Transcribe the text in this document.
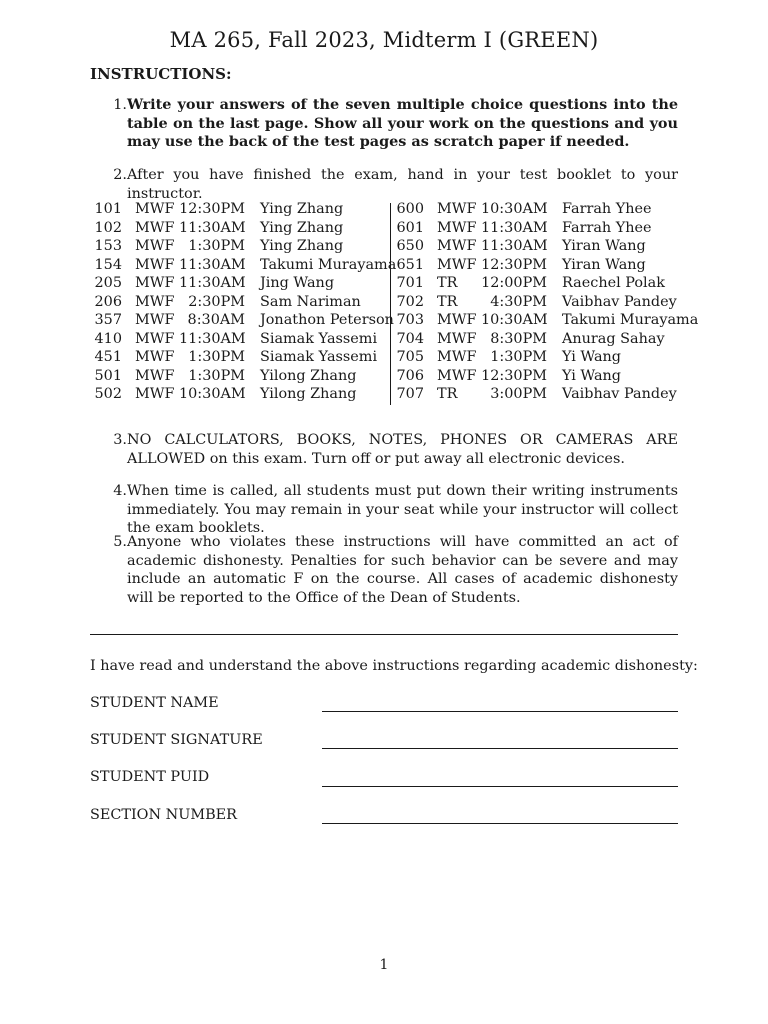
MA 265, Fall 2023, Midterm I (GREEN)
INSTRUCTIONS:
1. Write your answers of the seven multiple choice questions into the table on the last page. Show all your work on the questions and you may use the back of the test pages as scratch paper if needed.
2. After you have finished the exam, hand in your test booklet to your instructor.
101 MWF 12:30PM Ying Zhang
102 MWF 11:30AM Ying Zhang
153 MWF 1:30PM Ying Zhang
154 MWF 11:30AM Takumi Murayama
205 MWF 11:30AM Jing Wang
206 MWF 2:30PM Sam Nariman
357 MWF 8:30AM Jonathon Peterson
410 MWF 11:30AM Siamak Yassemi
451 MWF 1:30PM Siamak Yassemi
501 MWF 1:30PM Yilong Zhang
502 MWF 10:30AM Yilong Zhang
600 MWF 10:30AM Farrah Yhee
601 MWF 11:30AM Farrah Yhee
650 MWF 11:30AM Yiran Wang
651 MWF 12:30PM Yiran Wang
701 TR	12:00PM Raechel Polak
702 TR	4:30PM Vaibhav Pandey
703 MWF 10:30AM Takumi Murayama
704 MWF 8:30PM Anurag Sahay
705 MWF 1:30PM Yi Wang
706 MWF 12:30PM Yi Wang
707 TR	3:00PM Vaibhav Pandey
3. NO CALCULATORS, BOOKS, NOTES, PHONES OR CAMERAS ARE ALLOWED on this exam. Turn off or put away all electronic devices.
4. When time is called, all students must put down their writing instruments immediately. You may remain in your seat while your instructor will collect the exam booklets.
5. Anyone who violates these instructions will have committed an act of academic dishonesty. Penalties for such behavior can be severe and may include an automatic F on the course. All cases of academic dishonesty will be reported to the Office of the Dean of Students.
I have read and understand the above instructions regarding academic dishonesty:
STUDENT NAME
STUDENT SIGNATURE
STUDENT PUID
SECTION NUMBER
1
